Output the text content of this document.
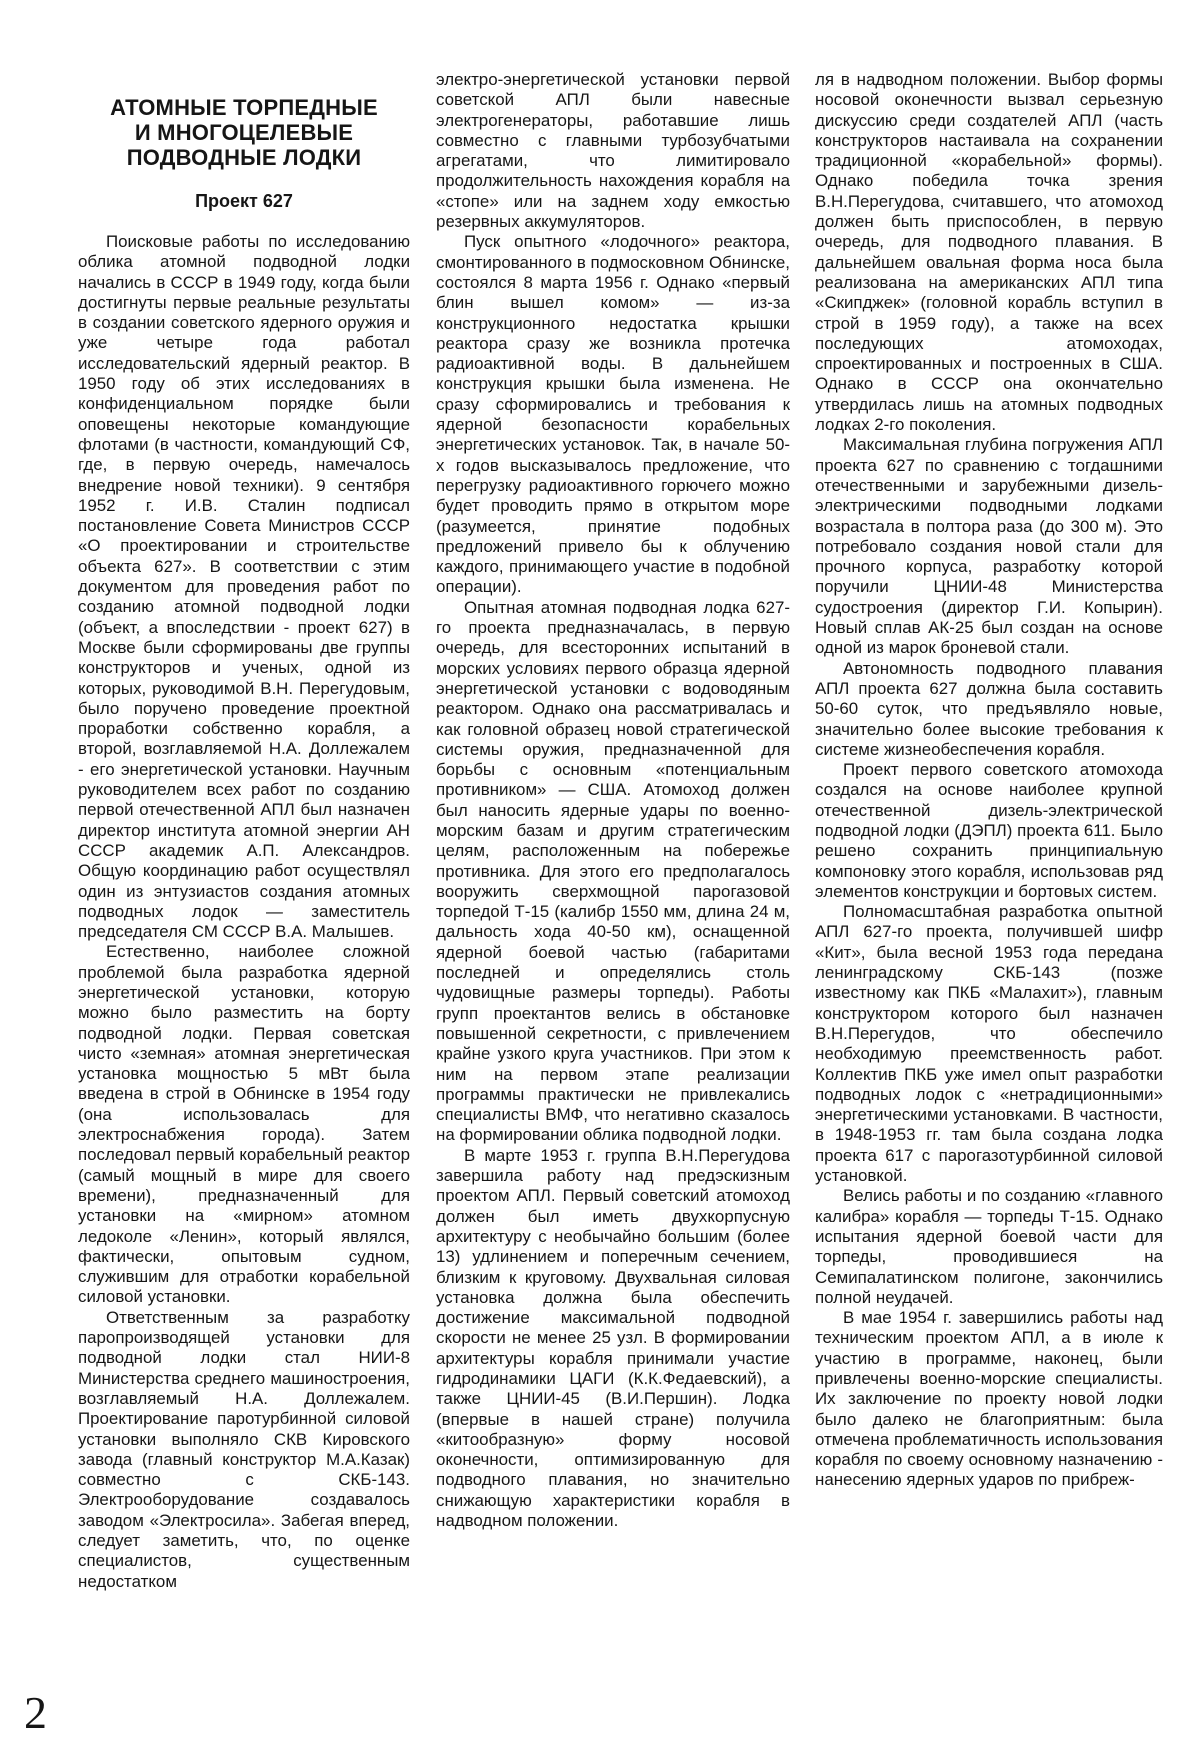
АТОМНЫЕ ТОРПЕДНЫЕ
И МНОГОЦЕЛЕВЫЕ
ПОДВОДНЫЕ ЛОДКИ
Проект 627

Поисковые работы по исследованию облика атомной подводной лодки начались в СССР в 1949 году, когда были достигнуты первые реальные результаты в создании советского ядерного оружия и уже четыре года работал исследовательский ядерный реактор. В 1950 году об этих исследованиях в конфиденциальном порядке были оповещены некоторые командующие флотами (в частности, командующий СФ, где, в первую очередь, намечалось внедрение новой техники). 9 сентября 1952 г. И.В. Сталин подписал постановление Совета Министров СССР «О проектировании и строительстве объекта 627». В соответствии с этим документом для проведения работ по созданию атомной подводной лодки (объект, а впоследствии - проект 627) в Москве были сформированы две группы конструкторов и ученых, одной из которых, руководимой В.Н. Перегудовым, было поручено проведение проектной проработки собственно корабля, а второй, возглавляемой Н.А. Доллежалем - его энергетической установки. Научным руководителем всех работ по созданию первой отечественной АПЛ был назначен директор института атомной энергии АН СССР академик А.П. Александров. Общую координацию работ осуществлял один из энтузиастов создания атомных подводных лодок — заместитель председателя СМ СССР В.А. Малышев.

Естественно, наиболее сложной проблемой была разработка ядерной энергетической установки, которую можно было разместить на борту подводной лодки. Первая советская чисто «земная» атомная энергетическая установка мощностью 5 мВт была введена в строй в Обнинске в 1954 году (она использовалась для электроснабжения города). Затем последовал первый корабельный реактор (самый мощный в мире для своего времени), предназначенный для установки на «мирном» атомном ледоколе «Ленин», который являлся, фактически, опытовым судном, служившим для отработки корабельной силовой установки.

Ответственным за разработку паропроизводящей установки для подводной лодки стал НИИ-8 Министерства среднего машиностроения, возглавляемый Н.А. Доллежалем. Проектирование паротурбинной силовой установки выполняло СКВ Кировского завода (главный конструктор М.А.Казак) совместно с СКБ-143. Электрооборудование создавалось заводом «Электросила». Забегая вперед, следует заметить, что, по оценке специалистов, существенным недостатком

электро-энергетической установки первой советской АПЛ были навесные электрогенераторы, работавшие лишь совместно с главными турбозубчатыми агрегатами, что лимитировало продолжительность нахождения корабля на «стопе» или на заднем ходу емкостью резервных аккумуляторов.

Пуск опытного «лодочного» реактора, смонтированного в подмосковном Обнинске, состоялся 8 марта 1956 г. Однако «первый блин вышел комом» — из-за конструкционного недостатка крышки реактора сразу же возникла протечка радиоактивной воды. В дальнейшем конструкция крышки была изменена. Не сразу сформировались и требования к ядерной безопасности корабельных энергетических установок. Так, в начале 50-х годов высказывалось предложение, что перегрузку радиоактивного горючего можно будет проводить прямо в открытом море (разумеется, принятие подобных предложений привело бы к облучению каждого, принимающего участие в подобной операции).

Опытная атомная подводная лодка 627-го проекта предназначалась, в первую очередь, для всесторонних испытаний в морских условиях первого образца ядерной энергетической установки с водоводяным реактором. Однако она рассматривалась и как головной образец новой стратегической системы оружия, предназначенной для борьбы с основным «потенциальным противником» — США. Атомоход должен был наносить ядерные удары по военно-морским базам и другим стратегическим целям, расположенным на побережье противника. Для этого его предполагалось вооружить сверхмощной парогазовой торпедой Т-15 (калибр 1550 мм, длина 24 м, дальность хода 40-50 км), оснащенной ядерной боевой частью (габаритами последней и определялись столь чудовищные размеры торпеды). Работы групп проектантов велись в обстановке повышенной секретности, с привлечением крайне узкого круга участников. При этом к ним на первом этапе реализации программы практически не привлекались специалисты ВМФ, что негативно сказалось на формировании облика подводной лодки.

В марте 1953 г. группа В.Н.Перегудова завершила работу над предэскизным проектом АПЛ. Первый советский атомоход должен был иметь двухкорпусную архитектуру с необычайно большим (более 13) удлинением и поперечным сечением, близким к круговому. Двухвальная силовая установка должна была обеспечить достижение максимальной подводной скорости не менее 25 узл. В формировании архитектуры корабля принимали участие гидродинамики ЦАГИ (К.К.Федаевский), а также ЦНИИ-45 (В.И.Першин). Лодка (впервые в нашей стране) получила «китообразную» форму носовой оконечности, оптимизированную для подводного плавания, но значительно снижающую характеристики корабля в надводном положении.

ля в надводном положении. Выбор формы носовой оконечности вызвал серьезную дискуссию среди создателей АПЛ (часть конструкторов настаивала на сохранении традиционной «корабельной» формы). Однако победила точка зрения В.Н.Перегудова, считавшего, что атомоход должен быть приспособлен, в первую очередь, для подводного плавания. В дальнейшем овальная форма носа была реализована на американских АПЛ типа «Скипджек» (головной корабль вступил в строй в 1959 году), а также на всех последующих атомоходах, спроектированных и построенных в США. Однако в СССР она окончательно утвердилась лишь на атомных подводных лодках 2-го поколения.

Максимальная глубина погружения АПЛ проекта 627 по сравнению с тогдашними отечественными и зарубежными дизель-электрическими подводными лодками возрастала в полтора раза (до 300 м). Это потребовало создания новой стали для прочного корпуса, разработку которой поручили ЦНИИ-48 Министерства судостроения (директор Г.И. Копырин). Новый сплав АК-25 был создан на основе одной из марок броневой стали.

Автономность подводного плавания АПЛ проекта 627 должна была составить 50-60 суток, что предъявляло новые, значительно более высокие требования к системе жизнеобеспечения корабля.

Проект первого советского атомохода создался на основе наиболее крупной отечественной дизель-электрической подводной лодки (ДЭПЛ) проекта 611. Было решено сохранить принципиальную компоновку этого корабля, использовав ряд элементов конструкции и бортовых систем.

Полномасштабная разработка опытной АПЛ 627-го проекта, получившей шифр «Кит», была весной 1953 года передана ленинградскому СКБ-143 (позже известному как ПКБ «Малахит»), главным конструктором которого был назначен В.Н.Перегудов, что обеспечило необходимую преемственность работ. Коллектив ПКБ уже имел опыт разработки подводных лодок с «нетрадиционными» энергетическими установками. В частности, в 1948-1953 гг. там была создана лодка проекта 617 с парогазотурбинной силовой установкой.

Велись работы и по созданию «главного калибра» корабля — торпеды Т-15. Однако испытания ядерной боевой части для торпеды, проводившиеся на Семипалатинском полигоне, закончились полной неудачей.

В мае 1954 г. завершились работы над техническим проектом АПЛ, а в июле к участию в программе, наконец, были привлечены военно-морские специалисты. Их заключение по проекту новой лодки было далеко не благоприятным: была отмечена проблематичность использования корабля по своему основному назначению - нанесению ядерных ударов по прибреж-

2
